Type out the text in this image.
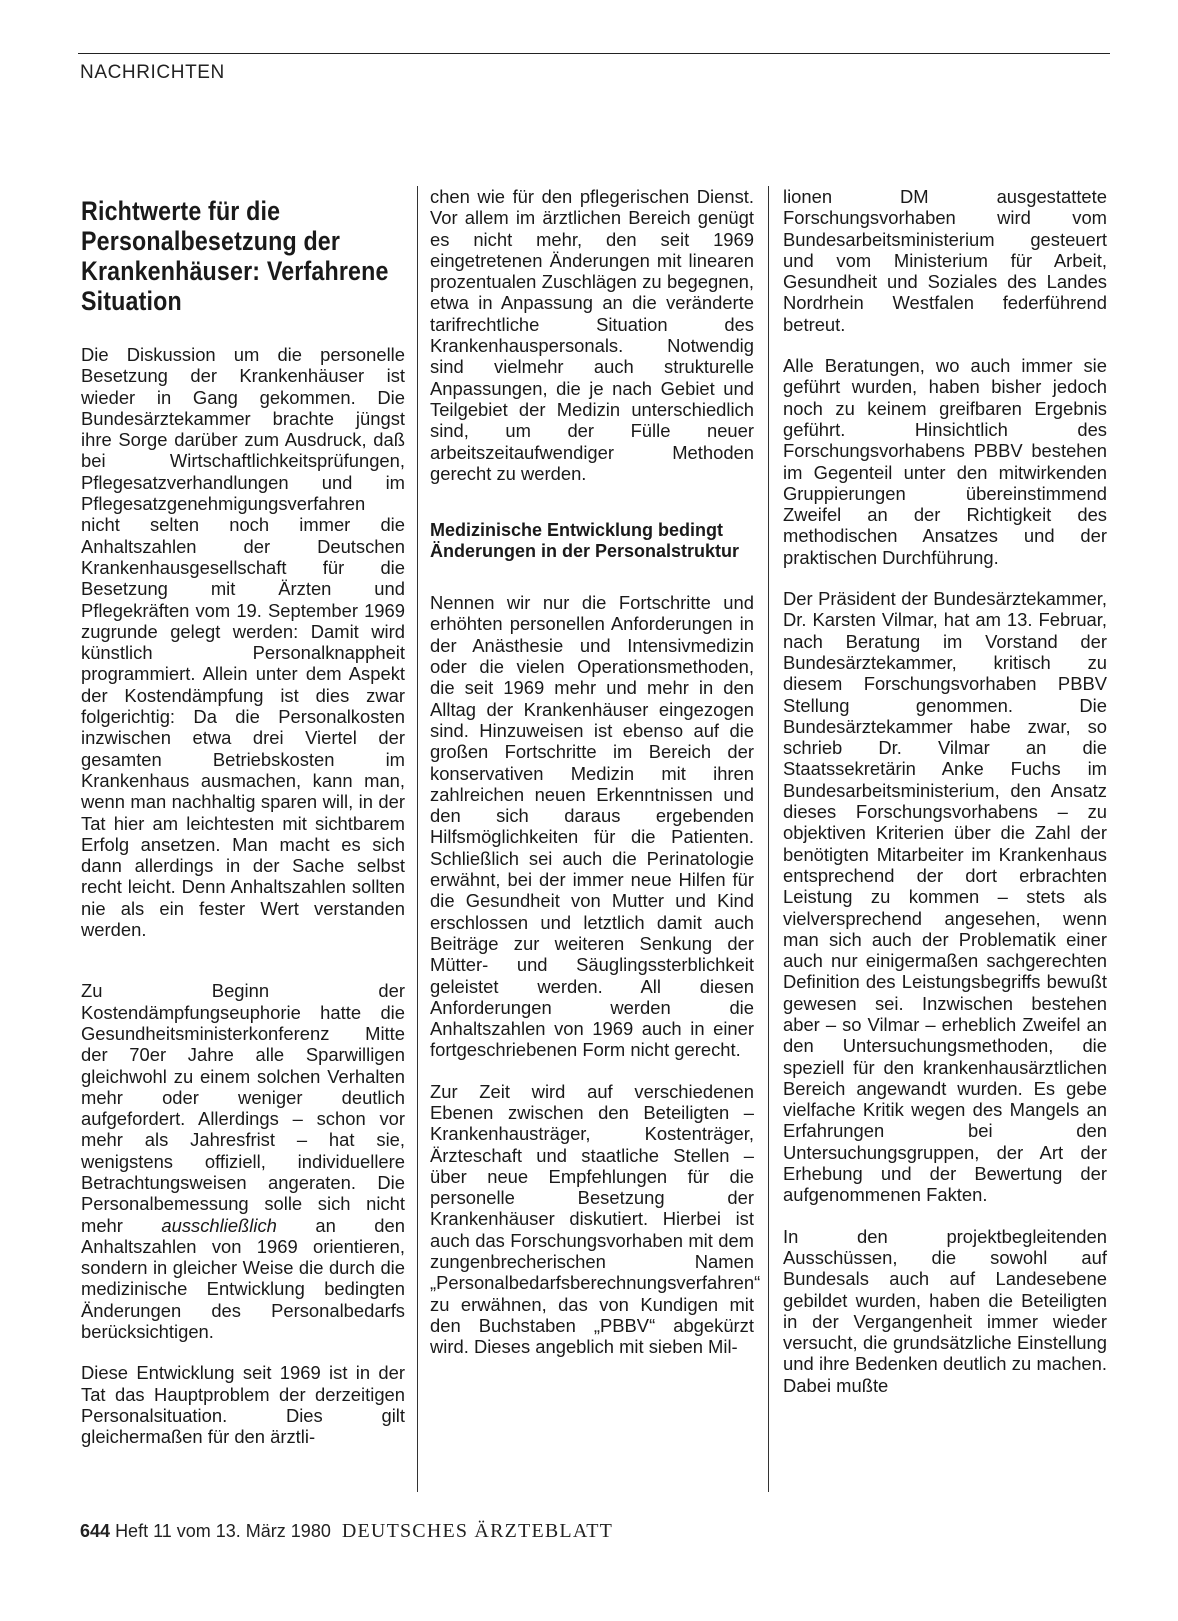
NACHRICHTEN
Richtwerte für die Personalbesetzung der Krankenhäuser: Verfahrene Situation

Die Diskussion um die personelle Besetzung der Krankenhäuser ist wieder in Gang gekommen. Die Bundesärztekammer brachte jüngst ihre Sorge darüber zum Ausdruck, daß bei Wirtschaftlichkeitsprüfungen, Pflegesatzverhandlungen und im Pflegesatzgenehmigungsverfahren nicht selten noch immer die Anhaltszahlen der Deutschen Krankenhausgesellschaft für die Besetzung mit Ärzten und Pflegekräften vom 19. September 1969 zugrunde gelegt werden: Damit wird künstlich Personalknappheit programmiert. Allein unter dem Aspekt der Kostendämpfung ist dies zwar folgerichtig: Da die Personalkosten inzwischen etwa drei Viertel der gesamten Betriebskosten im Krankenhaus ausmachen, kann man, wenn man nachhaltig sparen will, in der Tat hier am leichtesten mit sichtbarem Erfolg ansetzen. Man macht es sich dann allerdings in der Sache selbst recht leicht. Denn Anhaltszahlen sollten nie als ein fester Wert verstanden werden.

Zu Beginn der Kostendämpfungseuphorie hatte die Gesundheitsministerkonferenz Mitte der 70er Jahre alle Sparwilligen gleichwohl zu einem solchen Verhalten mehr oder weniger deutlich aufgefordert. Allerdings – schon vor mehr als Jahresfrist – hat sie, wenigstens offiziell, individuellere Betrachtungsweisen angeraten. Die Personalbemessung solle sich nicht mehr ausschließlich an den Anhaltszahlen von 1969 orientieren, sondern in gleicher Weise die durch die medizinische Entwicklung bedingten Änderungen des Personalbedarfs berücksichtigen.

Diese Entwicklung seit 1969 ist in der Tat das Hauptproblem der derzeitigen Personalsituation. Dies gilt gleichermaßen für den ärztli-

chen wie für den pflegerischen Dienst. Vor allem im ärztlichen Bereich genügt es nicht mehr, den seit 1969 eingetretenen Änderungen mit linearen prozentualen Zuschlägen zu begegnen, etwa in Anpassung an die veränderte tarifrechtliche Situation des Krankenhauspersonals. Notwendig sind vielmehr auch strukturelle Anpassungen, die je nach Gebiet und Teilgebiet der Medizin unterschiedlich sind, um der Fülle neuer arbeitszeitaufwendiger Methoden gerecht zu werden.

Medizinische Entwicklung bedingt Änderungen in der Personalstruktur

Nennen wir nur die Fortschritte und erhöhten personellen Anforderungen in der Anästhesie und Intensivmedizin oder die vielen Operationsmethoden, die seit 1969 mehr und mehr in den Alltag der Krankenhäuser eingezogen sind. Hinzuweisen ist ebenso auf die großen Fortschritte im Bereich der konservativen Medizin mit ihren zahlreichen neuen Erkenntnissen und den sich daraus ergebenden Hilfsmöglichkeiten für die Patienten. Schließlich sei auch die Perinatologie erwähnt, bei der immer neue Hilfen für die Gesundheit von Mutter und Kind erschlossen und letztlich damit auch Beiträge zur weiteren Senkung der Mütter- und Säuglingssterblichkeit geleistet werden. All diesen Anforderungen werden die Anhaltszahlen von 1969 auch in einer fortgeschriebenen Form nicht gerecht.

Zur Zeit wird auf verschiedenen Ebenen zwischen den Beteiligten – Krankenhausträger, Kostenträger, Ärzteschaft und staatliche Stellen – über neue Empfehlungen für die personelle Besetzung der Krankenhäuser diskutiert. Hierbei ist auch das Forschungsvorhaben mit dem zungenbrecherischen Namen „Personalbedarfsberechnungsverfahren“ zu erwähnen, das von Kundigen mit den Buchstaben „PBBV“ abgekürzt wird. Dieses angeblich mit sieben Mil-

lionen DM ausgestattete Forschungsvorhaben wird vom Bundesarbeitsministerium gesteuert und vom Ministerium für Arbeit, Gesundheit und Soziales des Landes Nordrhein Westfalen federführend betreut.

Alle Beratungen, wo auch immer sie geführt wurden, haben bisher jedoch noch zu keinem greifbaren Ergebnis geführt. Hinsichtlich des Forschungsvorhabens PBBV bestehen im Gegenteil unter den mitwirkenden Gruppierungen übereinstimmend Zweifel an der Richtigkeit des methodischen Ansatzes und der praktischen Durchführung.

Der Präsident der Bundesärztekammer, Dr. Karsten Vilmar, hat am 13. Februar, nach Beratung im Vorstand der Bundesärztekammer, kritisch zu diesem Forschungsvorhaben PBBV Stellung genommen. Die Bundesärztekammer habe zwar, so schrieb Dr. Vilmar an die Staatssekretärin Anke Fuchs im Bundesarbeitsministerium, den Ansatz dieses Forschungsvorhabens – zu objektiven Kriterien über die Zahl der benötigten Mitarbeiter im Krankenhaus entsprechend der dort erbrachten Leistung zu kommen – stets als vielversprechend angesehen, wenn man sich auch der Problematik einer auch nur einigermaßen sachgerechten Definition des Leistungsbegriffs bewußt gewesen sei. Inzwischen bestehen aber – so Vilmar – erheblich Zweifel an den Untersuchungsmethoden, die speziell für den krankenhausärztlichen Bereich angewandt wurden. Es gebe vielfache Kritik wegen des Mangels an Erfahrungen bei den Untersuchungsgruppen, der Art der Erhebung und der Bewertung der aufgenommenen Fakten.

In den projektbegleitenden Ausschüssen, die sowohl auf Bundesals auch auf Landesebene gebildet wurden, haben die Beteiligten in der Vergangenheit immer wieder versucht, die grundsätzliche Einstellung und ihre Bedenken deutlich zu machen. Dabei mußte

644 Heft 11 vom 13. März 1980 DEUTSCHES ÄRZTEBLATT
